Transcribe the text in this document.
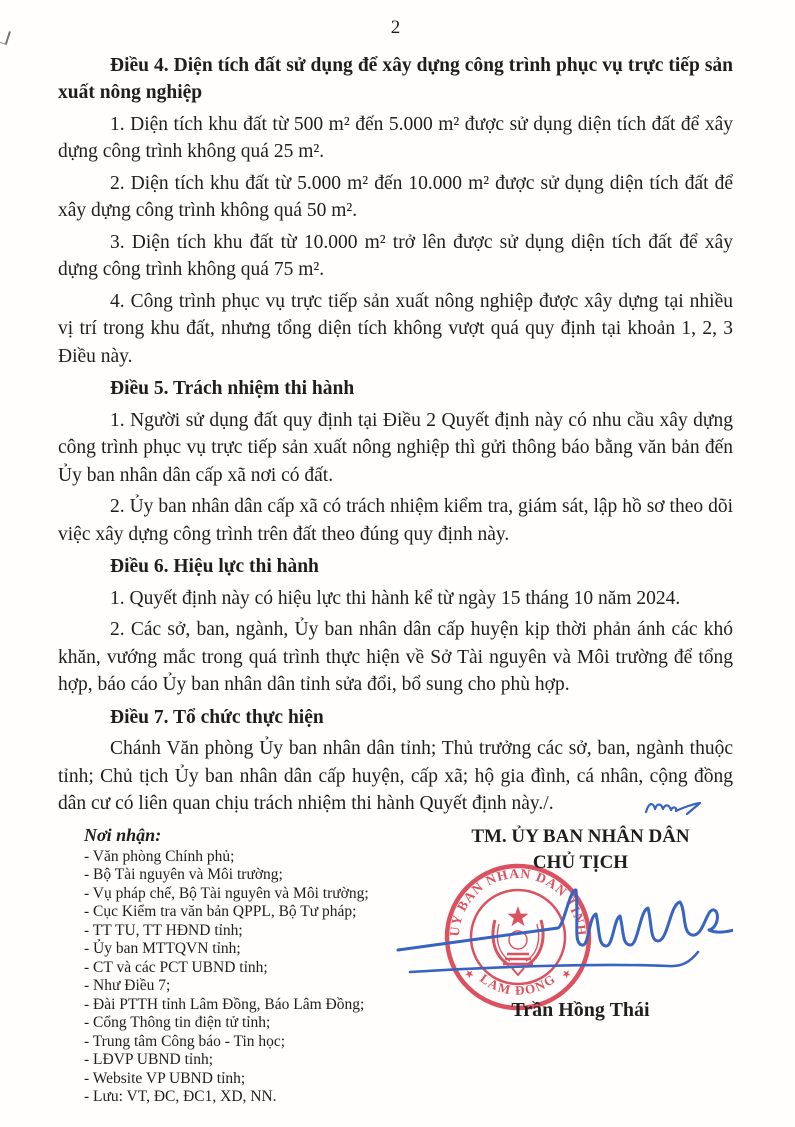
2

Điều 4. Diện tích đất sử dụng để xây dựng công trình phục vụ trực tiếp sản xuất nông nghiệp

1. Diện tích khu đất từ 500 m² đến 5.000 m² được sử dụng diện tích đất để xây dựng công trình không quá 25 m².

2. Diện tích khu đất từ 5.000 m² đến 10.000 m² được sử dụng diện tích đất để xây dựng công trình không quá 50 m².

3. Diện tích khu đất từ 10.000 m² trở lên được sử dụng diện tích đất để xây dựng công trình không quá 75 m².

4. Công trình phục vụ trực tiếp sản xuất nông nghiệp được xây dựng tại nhiều vị trí trong khu đất, nhưng tổng diện tích không vượt quá quy định tại khoản 1, 2, 3 Điều này.

Điều 5. Trách nhiệm thi hành

1. Người sử dụng đất quy định tại Điều 2 Quyết định này có nhu cầu xây dựng công trình phục vụ trực tiếp sản xuất nông nghiệp thì gửi thông báo bằng văn bản đến Ủy ban nhân dân cấp xã nơi có đất.

2. Ủy ban nhân dân cấp xã có trách nhiệm kiểm tra, giám sát, lập hồ sơ theo dõi việc xây dựng công trình trên đất theo đúng quy định này.

Điều 6. Hiệu lực thi hành

1. Quyết định này có hiệu lực thi hành kể từ ngày 15 tháng 10 năm 2024.

2. Các sở, ban, ngành, Ủy ban nhân dân cấp huyện kịp thời phản ánh các khó khăn, vướng mắc trong quá trình thực hiện về Sở Tài nguyên và Môi trường để tổng hợp, báo cáo Ủy ban nhân dân tỉnh sửa đổi, bổ sung cho phù hợp.

Điều 7. Tổ chức thực hiện

Chánh Văn phòng Ủy ban nhân dân tỉnh; Thủ trưởng các sở, ban, ngành thuộc tỉnh; Chủ tịch Ủy ban nhân dân cấp huyện, cấp xã; hộ gia đình, cá nhân, cộng đồng dân cư có liên quan chịu trách nhiệm thi hành Quyết định này./.

ỦY BAN NHÂN DÂN TỈNH
LÂM ĐỒNG
★	★
Nơi nhận:
- Văn phòng Chính phủ;
- Bộ Tài nguyên và Môi trường;
- Vụ pháp chế, Bộ Tài nguyên và Môi trường;
- Cục Kiểm tra văn bản QPPL, Bộ Tư pháp;
- TT TU, TT HĐND tỉnh;
- Ủy ban MTTQVN tỉnh;
- CT và các PCT UBND tỉnh;
- Như Điều 7;
- Đài PTTH tỉnh Lâm Đồng, Báo Lâm Đồng;
- Cổng Thông tin điện tử tỉnh;
- Trung tâm Công báo - Tin học;
- LĐVP UBND tỉnh;
- Website VP UBND tỉnh;
- Lưu: VT, ĐC, ĐC1, XD, NN.
TM. ỦY BAN NHÂN DÂN
CHỦ TỊCH
Trần Hồng Thái
